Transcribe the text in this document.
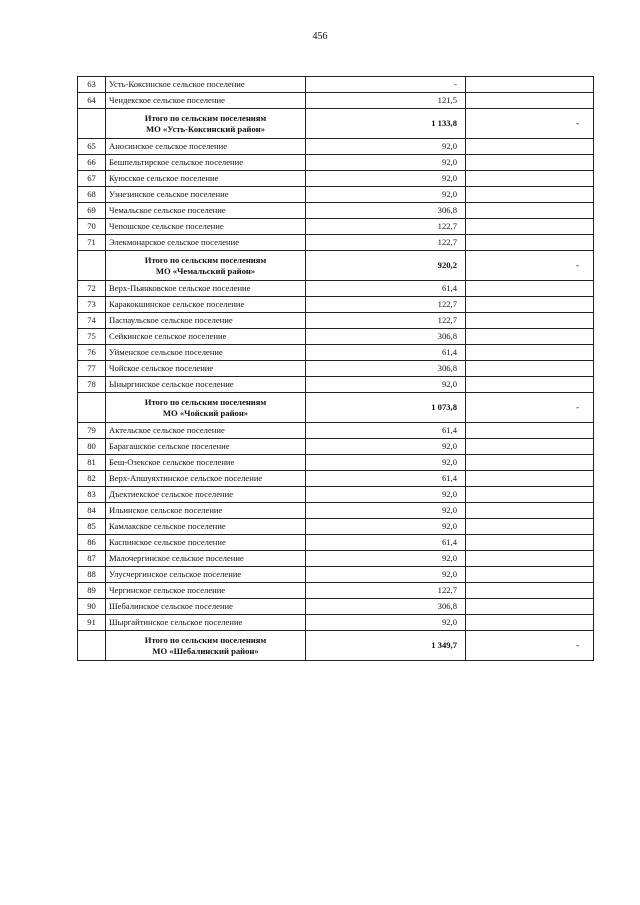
456
63	Усть-Коксинское сельское поселение	-	
64	Чендекское сельское поселение	121,5	

	Итого по сельским поселениям
МО «Усть-Коксинский район»	1 133,8	-
65	Аносинское сельское поселение	92,0	
66	Бешпельтирское сельское поселение	92,0	
67	Куюсское сельское поселение	92,0	
68	Узнезинское сельское поселение	92,0	
69	Чемальское сельское поселение	306,8	
70	Чепошское сельское поселение	122,7	
71	Элекмонарское сельское поселение	122,7	

	Итого по сельским поселениям
МО «Чемальский район»	920,2	-
72	Верх-Пьянковское сельское поселение	61,4	
73	Каракокшинское сельское поселение	122,7	
74	Паспаульское сельское поселение	122,7	
75	Сейкинское сельское поселение	306,8	
76	Уйменское сельское поселение	61,4	
77	Чойское сельское поселение	306,8	
78	Ыныргинское сельское поселение	92,0	

	Итого по сельским поселениям
МО «Чойский район»	1 073,8	-
79	Актельское сельское поселение	61,4	
80	Барагашское сельское поселение	92,0	
81	Беш-Озекское сельское поселение	92,0	
82	Верх-Апшуяхтинское сельское поселение	61,4	
83	Дъектиекское сельское поселение	92,0	
84	Ильинское сельское поселение	92,0	
85	Камлакское сельское поселение	92,0	
86	Каспинское сельское поселение	61,4	
87	Малочергинское сельское поселение	92,0	
88	Улусчергинское сельское поселение	92,0	
89	Чергинское сельское поселение	122,7	
90	Шебалинское сельское поселение	306,8	
91	Шыргайтинское сельское поселение	92,0	

	Итого по сельским поселениям
МО «Шебалинский район»	1 349,7	-
